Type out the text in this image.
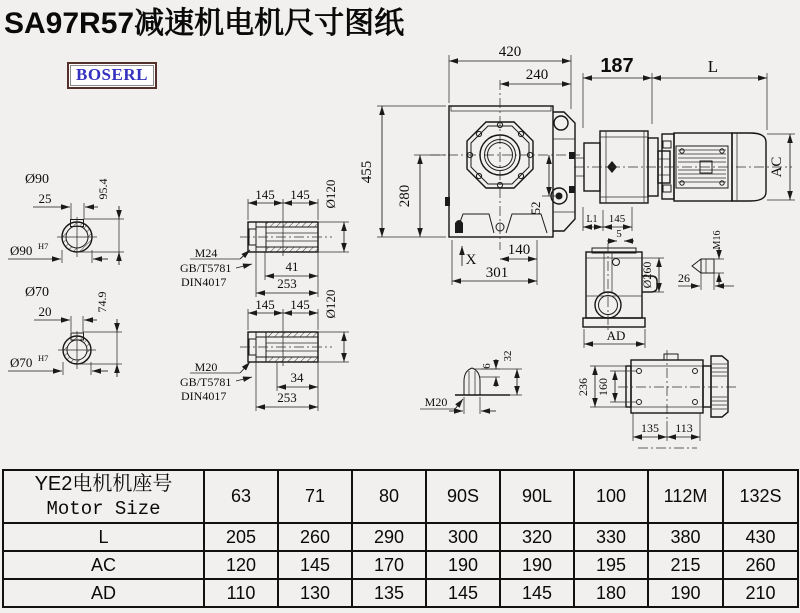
SA97R57减速机电机尺寸图纸
BOSERL
420
240
455
280
52
140
301
X
187	L
AC
Ø90
25	95.4
Ø90 H7
Ø70
20	74.9
Ø70 H7
145 145 Ø120
41
253
M24
GB/T5781
DIN4017
145 145 Ø120
34
253
M20
GB/T5781
DIN4017
L1 145
5
Ø260
AD
M16
26
6
32
M20
236 160
135 113
YE2电机机座号
Motor Size	63	71	80	90S	90L	100	112M	132S
L	205	260	290	300	320	330	380	430
AC	120	145	170	190	190	195	215	260
AD	110	130	135	145	145	180	190	210
